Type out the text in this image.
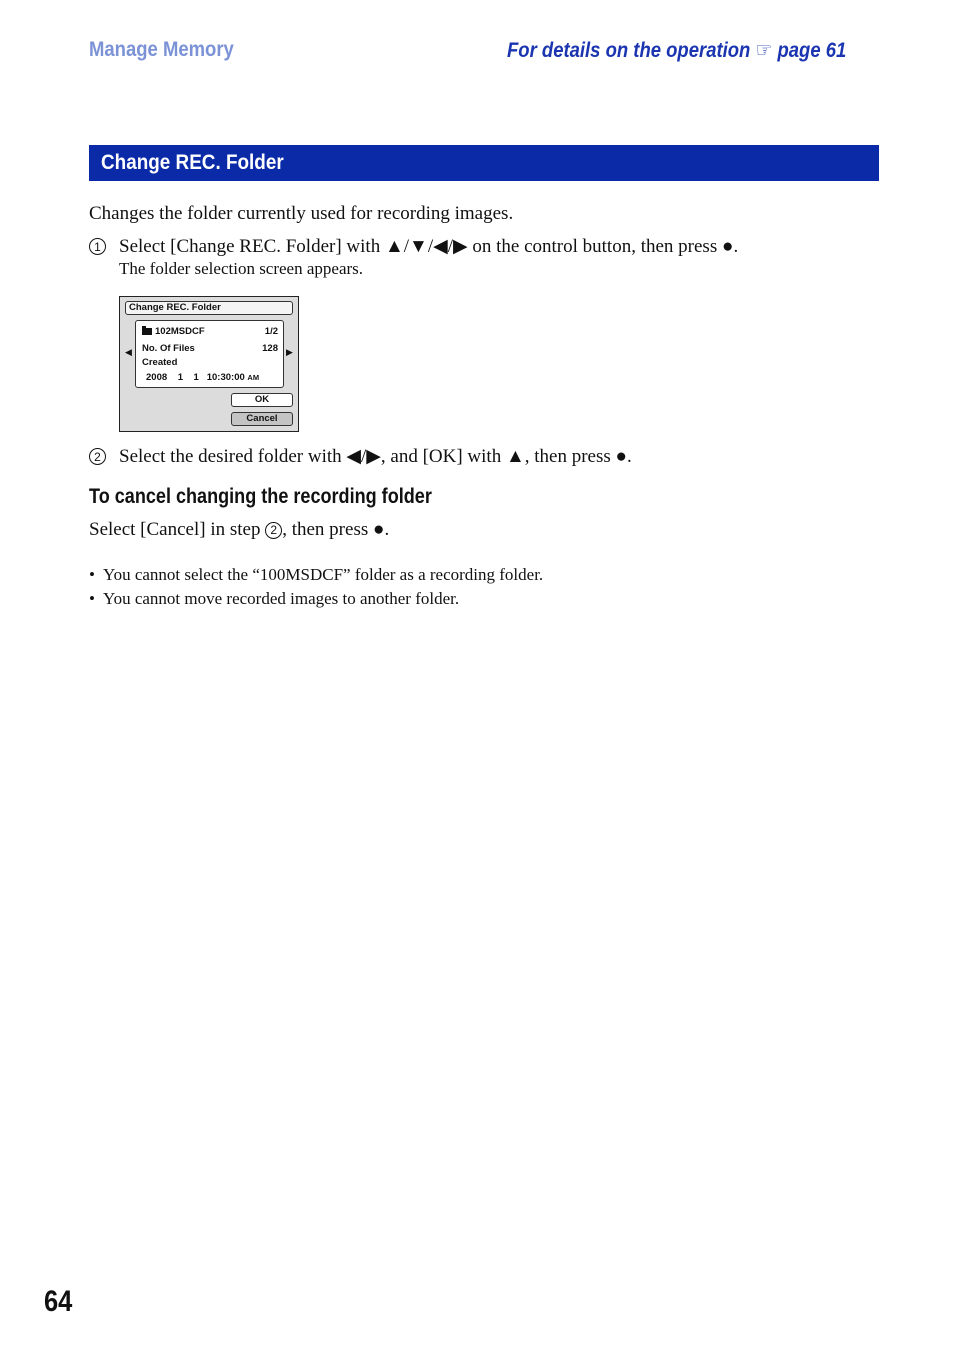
Manage Memory	For details on the operation ☞ page 61
Change REC. Folder
Changes the folder currently used for recording images.
1 Select [Change REC. Folder] with ▲/▼/◀/▶ on the control button, then press ●.
The folder selection screen appears.
Change REC. Folder
◀	▶
102MSDCF	1/2
No. Of Files	128
Created
2008    1    1   10:30:00 AM
OK
Cancel
2 Select the desired folder with ◀/▶, and [OK] with ▲, then press ●.
To cancel changing the recording folder
Select [Cancel] in step 2 , then press ●.
• You cannot select the “100MSDCF” folder as a recording folder.
• You cannot move recorded images to another folder.
64
